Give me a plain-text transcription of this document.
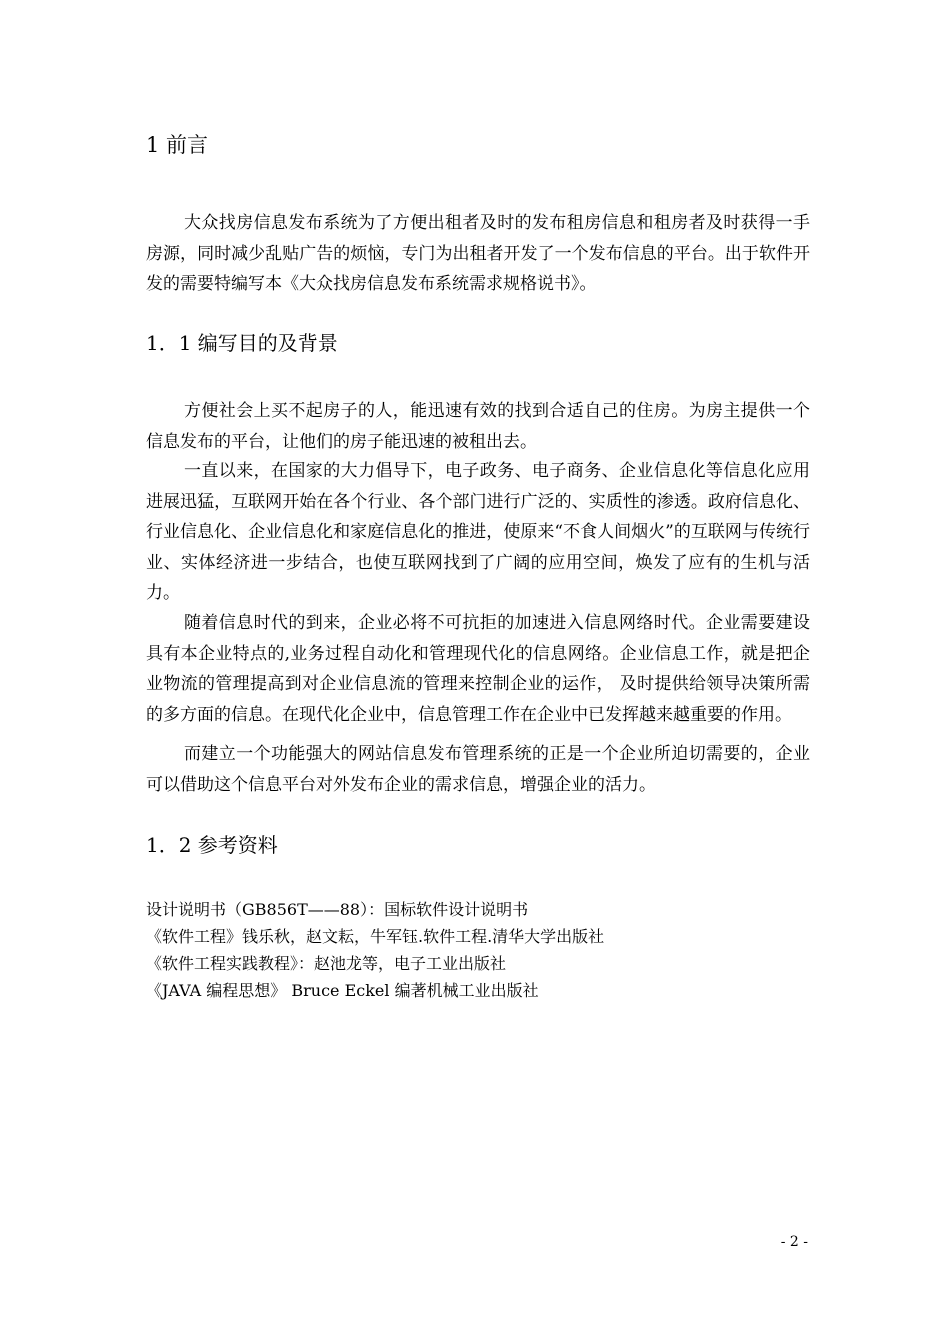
1 前言

大众找房信息发布系统为了方便出租者及时的发布租房信息和租房者及时获得一手房源，同时减少乱贴广告的烦恼，专门为出租者开发了一个发布信息的平台。出于软件开发的需要特编写本《大众找房信息发布系统需求规格说书》。

1．1 编写目的及背景

方便社会上买不起房子的人，能迅速有效的找到合适自己的住房。为房主提供一个信息发布的平台，让他们的房子能迅速的被租出去。

一直以来，在国家的大力倡导下，电子政务、电子商务、企业信息化等信息化应用进展迅猛，互联网开始在各个行业、各个部门进行广泛的、实质性的渗透。政府信息化、行业信息化、企业信息化和家庭信息化的推进，使原来“不食人间烟火”的互联网与传统行业、实体经济进一步结合，也使互联网找到了广阔的应用空间，焕发了应有的生机与活力。

随着信息时代的到来，企业必将不可抗拒的加速进入信息网络时代。企业需要建设具有本企业特点的,业务过程自动化和管理现代化的信息网络。企业信息工作，就是把企业物流的管理提高到对企业信息流的管理来控制企业的运作， 及时提供给领导决策所需的多方面的信息。在现代化企业中，信息管理工作在企业中已发挥越来越重要的作用。

而建立一个功能强大的网站信息发布管理系统的正是一个企业所迫切需要的，企业可以借助这个信息平台对外发布企业的需求信息，增强企业的活力。

1．2 参考资料
设计说明书（GB856T——88）：国标软件设计说明书
《软件工程》钱乐秋，赵文耘，牛军钰.软件工程.清华大学出版社
《软件工程实践教程》：赵池龙等，电子工业出版社
《JAVA 编程思想》 Bruce Eckel 编著机械工业出版社
- 2 -
